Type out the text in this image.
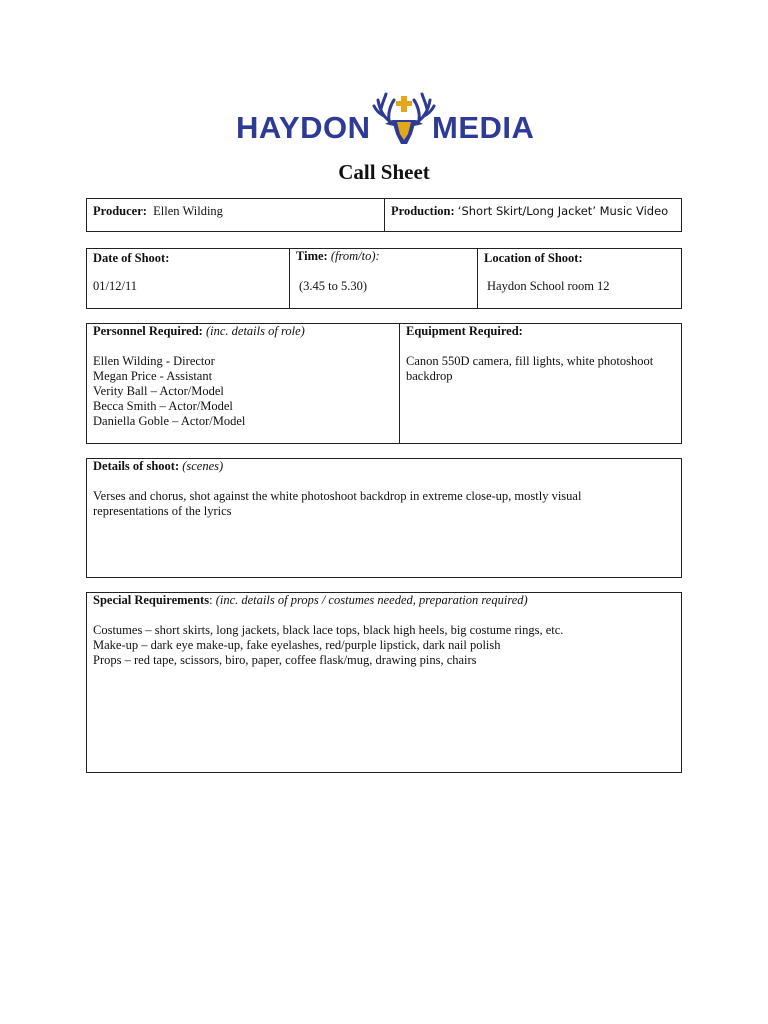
HAYDON MEDIA
Call Sheet
Producer: Ellen Wilding	Production: ‘Short Skirt/Long Jacket’ Music Video
Date of Shoot:
01/12/11
Time: (from/to):
(3.45 to 5.30)
Location of Shoot:
Haydon School room 12
Personnel Required: (inc. details of role)
Ellen Wilding - Director
Megan Price - Assistant
Verity Ball – Actor/Model
Becca Smith – Actor/Model
Daniella Goble – Actor/Model
Equipment Required:
Canon 550D camera, fill lights, white photoshoot
backdrop
Details of shoot: (scenes)
Verses and chorus, shot against the white photoshoot backdrop in extreme close-up, mostly visual
representations of the lyrics
Special Requirements: (inc. details of props / costumes needed, preparation required)
Costumes – short skirts, long jackets, black lace tops, black high heels, big costume rings, etc.
Make-up – dark eye make-up, fake eyelashes, red/purple lipstick, dark nail polish
Props – red tape, scissors, biro, paper, coffee flask/mug, drawing pins, chairs
